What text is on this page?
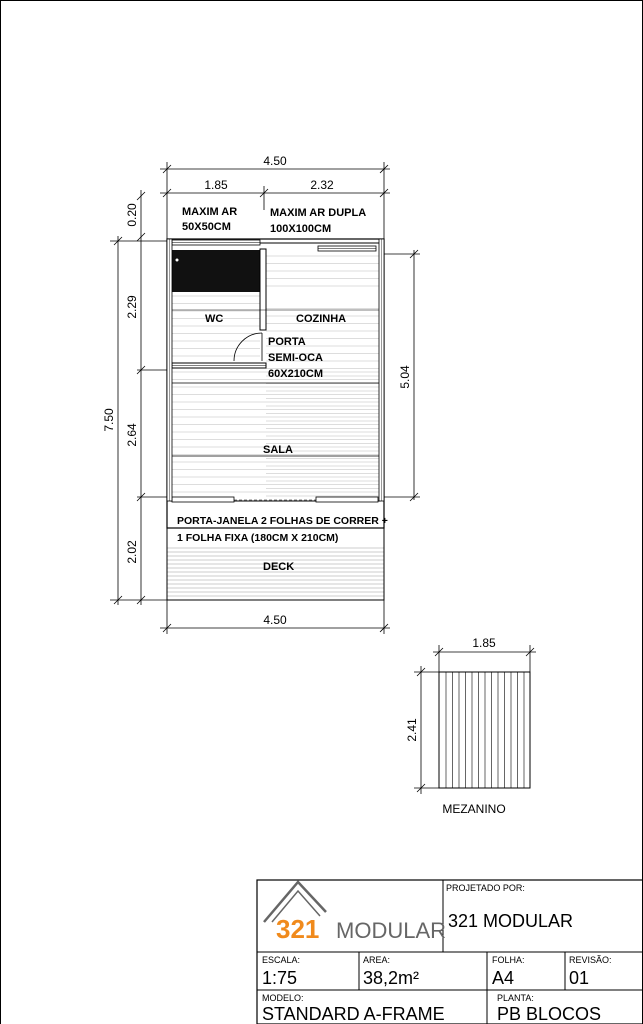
4.50
1.85	2.32
4.50
0.20
2.29
2.64
2.02
7.50
5.04
MAXIM AR
50X50CM
MAXIM AR DUPLA
100X100CM
WC	COZINHA
PORTA
SEMI-OCA
60X210CM
SALA
PORTA-JANELA 2 FOLHAS DE CORRER +
1 FOLHA FIXA (180CM X 210CM)
DECK
1.85
2.41
MEZANINO
321 MODULAR
PROJETADO POR:
321 MODULAR
ESCALA:
1:75
AREA:
38,2m²
FOLHA:
A4
REVISÃO:
01
MODELO:
STANDARD A-FRAME
PLANTA:
PB BLOCOS
